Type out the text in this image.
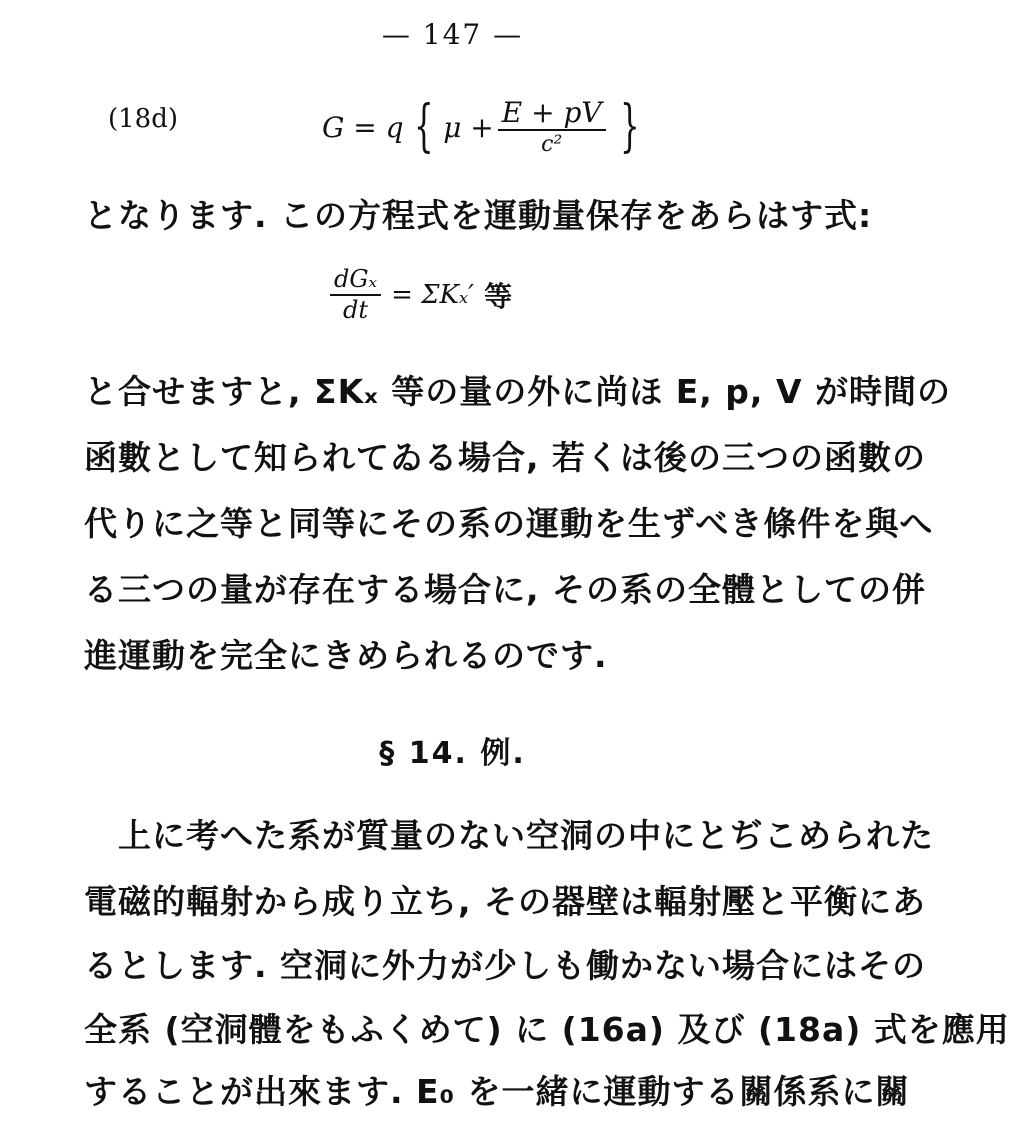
— 147 —
(18d)	G = q { $\mu + \frac{E + pV}{\text{c²}}$ }
となります. この方程式を運動量保存をあらはす式:
$\frac{\text{dGₓ}}{dt} = \Sigma K_x'$ 等
と合せますと, ΣKₓ 等の量の外に尚ほ E, p, V が時間の
函數として知られてゐる場合, 若くは後の三つの函數の
代りに之等と同等にその系の運動を生ずべき條件を與へ
る三つの量が存在する場合に, その系の全體としての併
進運動を完全にきめられるのです.
§ 14. 例.
上に考へた系が質量のない空洞の中にとぢこめられた
電磁的輻射から成り立ち, その器壁は輻射壓と平衡にあ
るとします. 空洞に外力が少しも働かない場合にはその
全系 (空洞體をもふくめて) に (16a) 及び (18a) 式を應用
することが出來ます. E₀ を一緒に運動する關係系に關
